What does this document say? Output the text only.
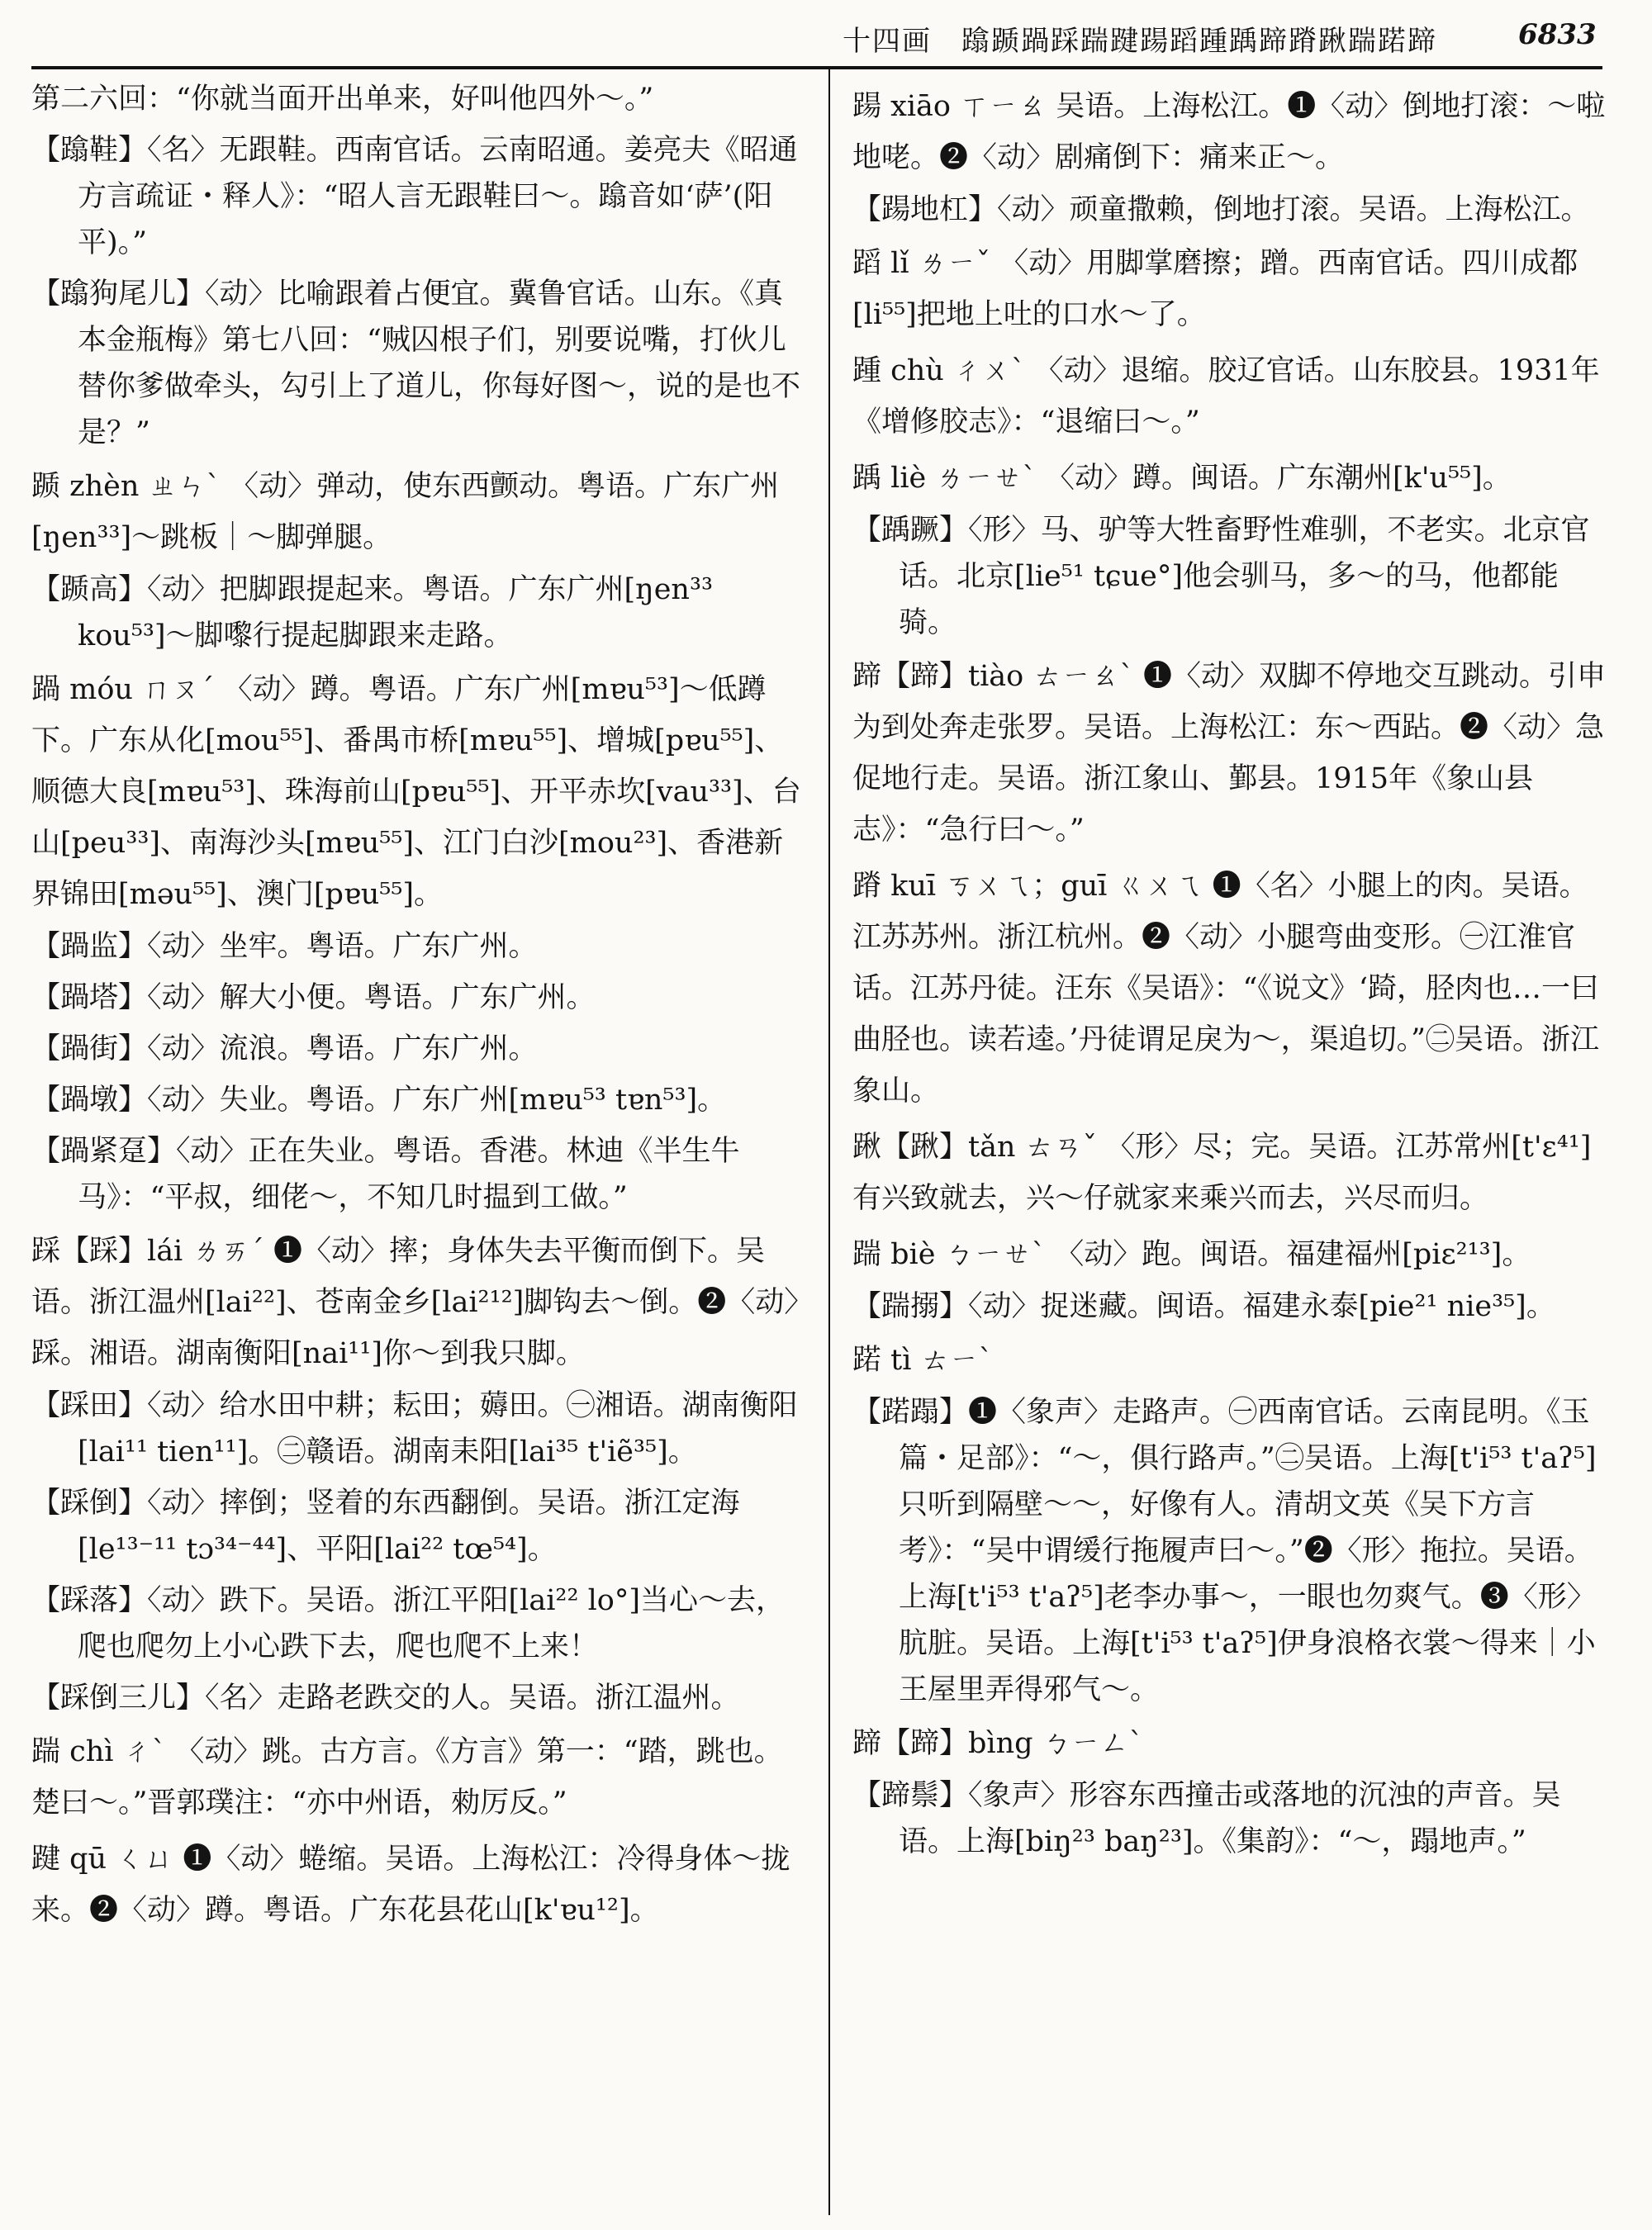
十四画　蹹踬踻踩踹踺踼蹈踵踽蹄蹐踿踹蹃蹄	6833

第二六回：“你就当面开出单来，好叫他四外～。”

【蹹鞋】〈名〉无跟鞋。西南官话。云南昭通。姜亮夫《昭通方言疏证・释人》：“昭人言无跟鞋曰～。蹹音如‘萨’(阳平)。”

【蹹狗尾儿】〈动〉比喻跟着占便宜。冀鲁官话。山东。《真本金瓶梅》第七八回：“贼囚根子们，别要说嘴，打伙儿替你爹做牵头，勾引上了道儿，你每好图～，说的是也不是？”

踬 zhèn ㄓㄣˋ 〈动〉弹动，使东西颤动。粤语。广东广州[ŋen³³]～跳板｜～脚弹腿。

【踬高】〈动〉把脚跟提起来。粤语。广东广州[ŋen³³ kou⁵³]～脚嚟行提起脚跟来走路。

踻 móu ㄇㄡˊ 〈动〉蹲。粤语。广东广州[mɐu⁵³]～低蹲下。广东从化[mou⁵⁵]、番禺市桥[mɐu⁵⁵]、增城[pɐu⁵⁵]、顺德大良[mɐu⁵³]、珠海前山[pɐu⁵⁵]、开平赤坎[vau³³]、台山[peu³³]、南海沙头[mɐu⁵⁵]、江门白沙[mou²³]、香港新界锦田[məu⁵⁵]、澳门[pɐu⁵⁵]。

【踻监】〈动〉坐牢。粤语。广东广州。

【踻塔】〈动〉解大小便。粤语。广东广州。

【踻街】〈动〉流浪。粤语。广东广州。

【踻墩】〈动〉失业。粤语。广东广州[mɐu⁵³ tɐn⁵³]。

【踻紧趸】〈动〉正在失业。粤语。香港。林迪《半生牛马》：“平叔，细佬～，不知几时揾到工做。”

踩【踩】lái ㄌㄞˊ ❶〈动〉摔；身体失去平衡而倒下。吴语。浙江温州[lai²²]、苍南金乡[lai²¹²]脚钩去～倒。❷〈动〉踩。湘语。湖南衡阳[nai¹¹]你～到我只脚。

【踩田】〈动〉给水田中耕；耘田；薅田。㊀湘语。湖南衡阳[lai¹¹ tien¹¹]。㊁赣语。湖南耒阳[lai³⁵ t'iẽ³⁵]。

【踩倒】〈动〉摔倒；竖着的东西翻倒。吴语。浙江定海[le¹³⁻¹¹ tɔ³⁴⁻⁴⁴]、平阳[lai²² tœ⁵⁴]。

【踩落】〈动〉跌下。吴语。浙江平阳[lai²² lo°]当心～去，爬也爬勿上小心跌下去，爬也爬不上来！

【踩倒三儿】〈名〉走路老跌交的人。吴语。浙江温州。

踹 chì ㄔˋ 〈动〉跳。古方言。《方言》第一：“踏，跳也。楚曰～。”晋郭璞注：“亦中州语，勑厉反。”

踺 qū ㄑㄩ ❶〈动〉蜷缩。吴语。上海松江：冷得身体～拢来。❷〈动〉蹲。粤语。广东花县花山[k'ɐu¹²]。

踼 xiāo ㄒㄧㄠ 吴语。上海松江。❶〈动〉倒地打滚：～啦地咾。❷〈动〉剧痛倒下：痛来正～。

【踼地杠】〈动〉顽童撒赖，倒地打滚。吴语。上海松江。

蹈 lǐ ㄌㄧˇ 〈动〉用脚掌磨擦；蹭。西南官话。四川成都[li⁵⁵]把地上吐的口水～了。

踵 chù ㄔㄨˋ 〈动〉退缩。胶辽官话。山东胶县。1931年《增修胶志》：“退缩曰～。”

踽 liè ㄌㄧㄝˋ 〈动〉蹲。闽语。广东潮州[k'u⁵⁵]。

【踽蹶】〈形〉马、驴等大牲畜野性难驯，不老实。北京官话。北京[lie⁵¹ tɕue°]他会驯马，多～的马，他都能骑。

蹄【蹄】tiào ㄊㄧㄠˋ ❶〈动〉双脚不停地交互跳动。引申为到处奔走张罗。吴语。上海松江：东～西跕。❷〈动〉急促地行走。吴语。浙江象山、鄞县。1915年《象山县志》：“急行曰～。”

蹐 kuī ㄎㄨㄟ；guī ㄍㄨㄟ ❶〈名〉小腿上的肉。吴语。江苏苏州。浙江杭州。❷〈动〉小腿弯曲变形。㊀江淮官话。江苏丹徒。汪东《吴语》：“《说文》‘踦，胫肉也…一曰曲胫也。读若逵。’丹徒谓足戾为～，渠追切。”㊁吴语。浙江象山。

踿【踿】tǎn ㄊㄢˇ 〈形〉尽；完。吴语。江苏常州[t'ɛ⁴¹]有兴致就去，兴～仔就家来乘兴而去，兴尽而归。

踹 biè ㄅㄧㄝˋ 〈动〉跑。闽语。福建福州[piɛ²¹³]。

【踹搦】〈动〉捉迷藏。闽语。福建永泰[pie²¹ nie³⁵]。

蹃 tì ㄊㄧˋ

【蹃蹋】❶〈象声〉走路声。㊀西南官话。云南昆明。《玉篇・足部》：“～，俱行路声。”㊁吴语。上海[t'i⁵³ t'aʔ⁵]只听到隔壁～～，好像有人。清胡文英《吴下方言考》：“吴中谓缓行拖履声曰～。”❷〈形〉拖拉。吴语。上海[t'i⁵³ t'aʔ⁵]老李办事～，一眼也勿爽气。❸〈形〉肮脏。吴语。上海[t'i⁵³ t'aʔ⁵]伊身浪格衣裳～得来｜小王屋里弄得邪气～。

蹄【蹄】bìng ㄅㄧㄥˋ

【蹄鬃】〈象声〉形容东西撞击或落地的沉浊的声音。吴语。上海[biŋ²³ baŋ²³]。《集韵》：“～，蹋地声。”
